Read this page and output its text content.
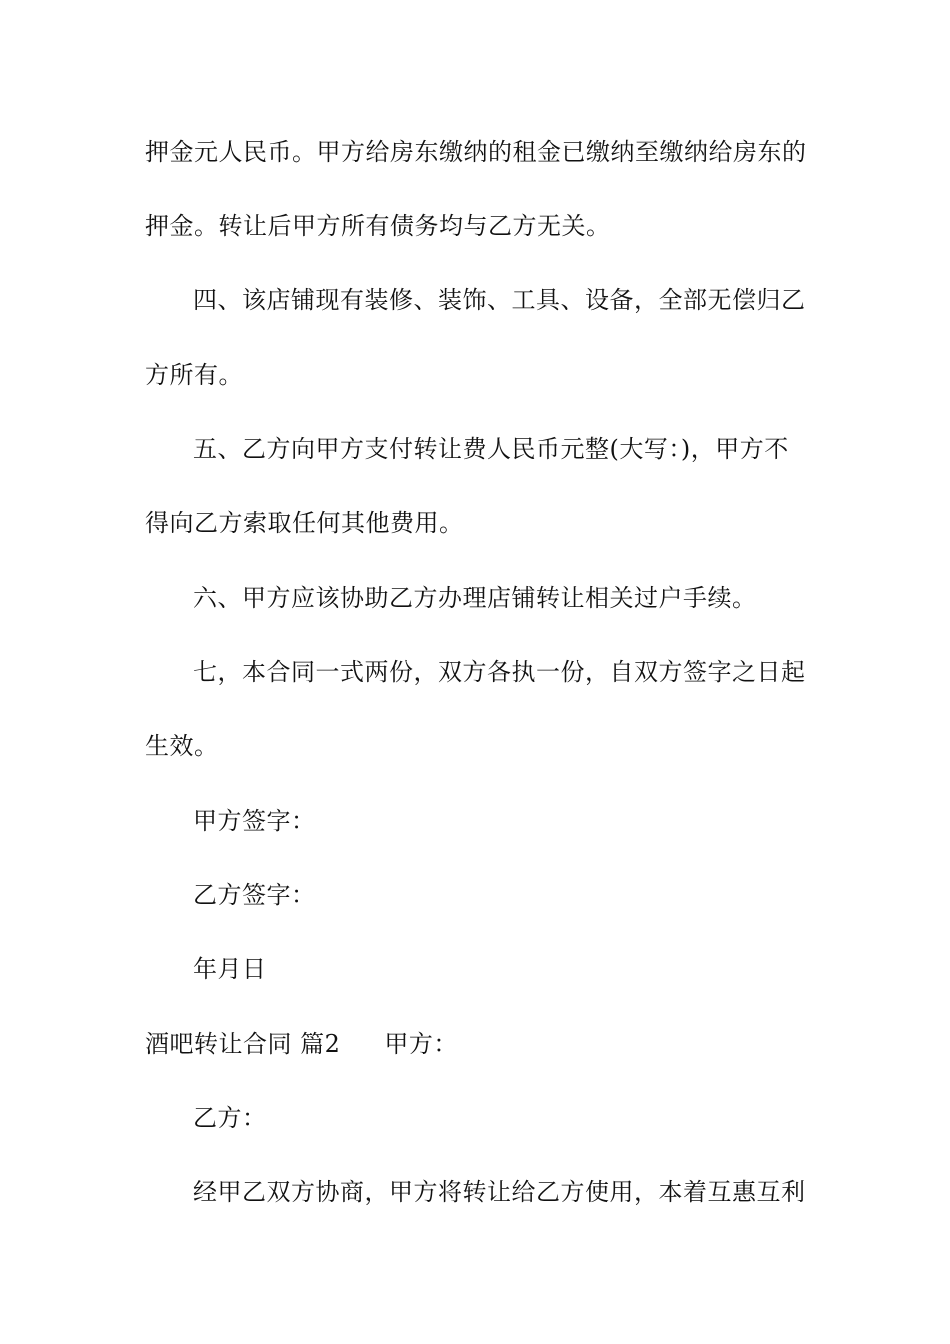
押金元人民币。甲方给房东缴纳的租金已缴纳至缴纳给房东的
押金。转让后甲方所有债务均与乙方无关。
四、该店铺现有装修、装饰、工具、设备，全部无偿归乙
方所有。
五、乙方向甲方支付转让费人民币元整(大写：)，甲方不
得向乙方索取任何其他费用。
六、甲方应该协助乙方办理店铺转让相关过户手续。
七，本合同一式两份，双方各执一份，自双方签字之日起
生效。
甲方签字：
乙方签字：
年月日
酒吧转让合同 篇2 甲方：
乙方：
经甲乙双方协商，甲方将转让给乙方使用，本着互惠互利
